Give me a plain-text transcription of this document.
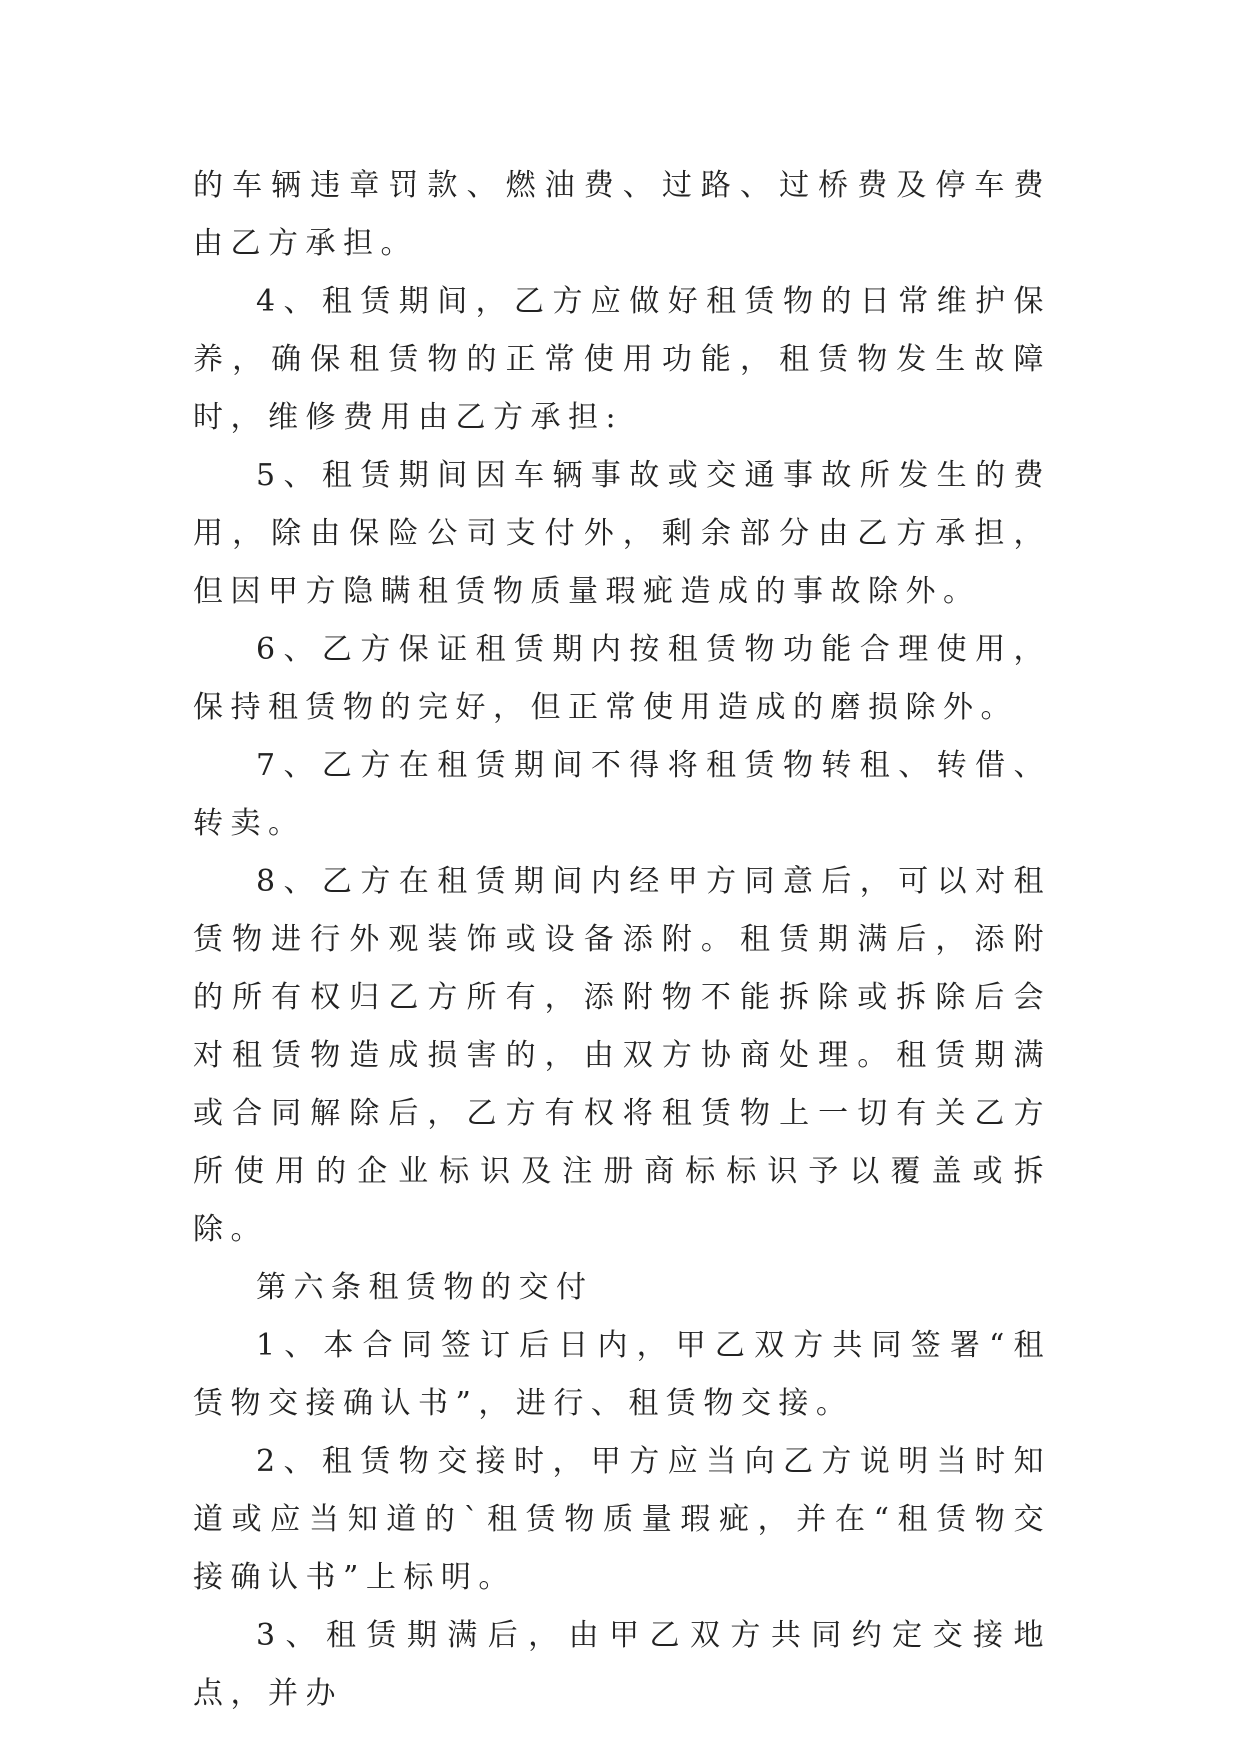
的车辆违章罚款、燃油费、过路、过桥费及停车费由乙方承担。

4、租赁期间，乙方应做好租赁物的日常维护保养，确保租赁物的正常使用功能，租赁物发生故障时，维修费用由乙方承担:

5、租赁期间因车辆事故或交通事故所发生的费用，除由保险公司支付外，剩余部分由乙方承担，但因甲方隐瞒租赁物质量瑕疵造成的事故除外。

6、乙方保证租赁期内按租赁物功能合理使用，保持租赁物的完好，但正常使用造成的磨损除外。

7、乙方在租赁期间不得将租赁物转租、转借、转卖。

8、乙方在租赁期间内经甲方同意后，可以对租赁物进行外观装饰或设备添附。租赁期满后，添附的所有权归乙方所有，添附物不能拆除或拆除后会对租赁物造成损害的，由双方协商处理。租赁期满或合同解除后，乙方有权将租赁物上一切有关乙方所使用的企业标识及注册商标标识予以覆盖或拆除。

第六条租赁物的交付

1、本合同签订后日内，甲乙双方共同签署“租赁物交接确认书”，进行、租赁物交接。

2、租赁物交接时，甲方应当向乙方说明当时知道或应当知道的`租赁物质量瑕疵，并在“租赁物交接确认书”上标明。

3、租赁期满后，由甲乙双方共同约定交接地点，并办
